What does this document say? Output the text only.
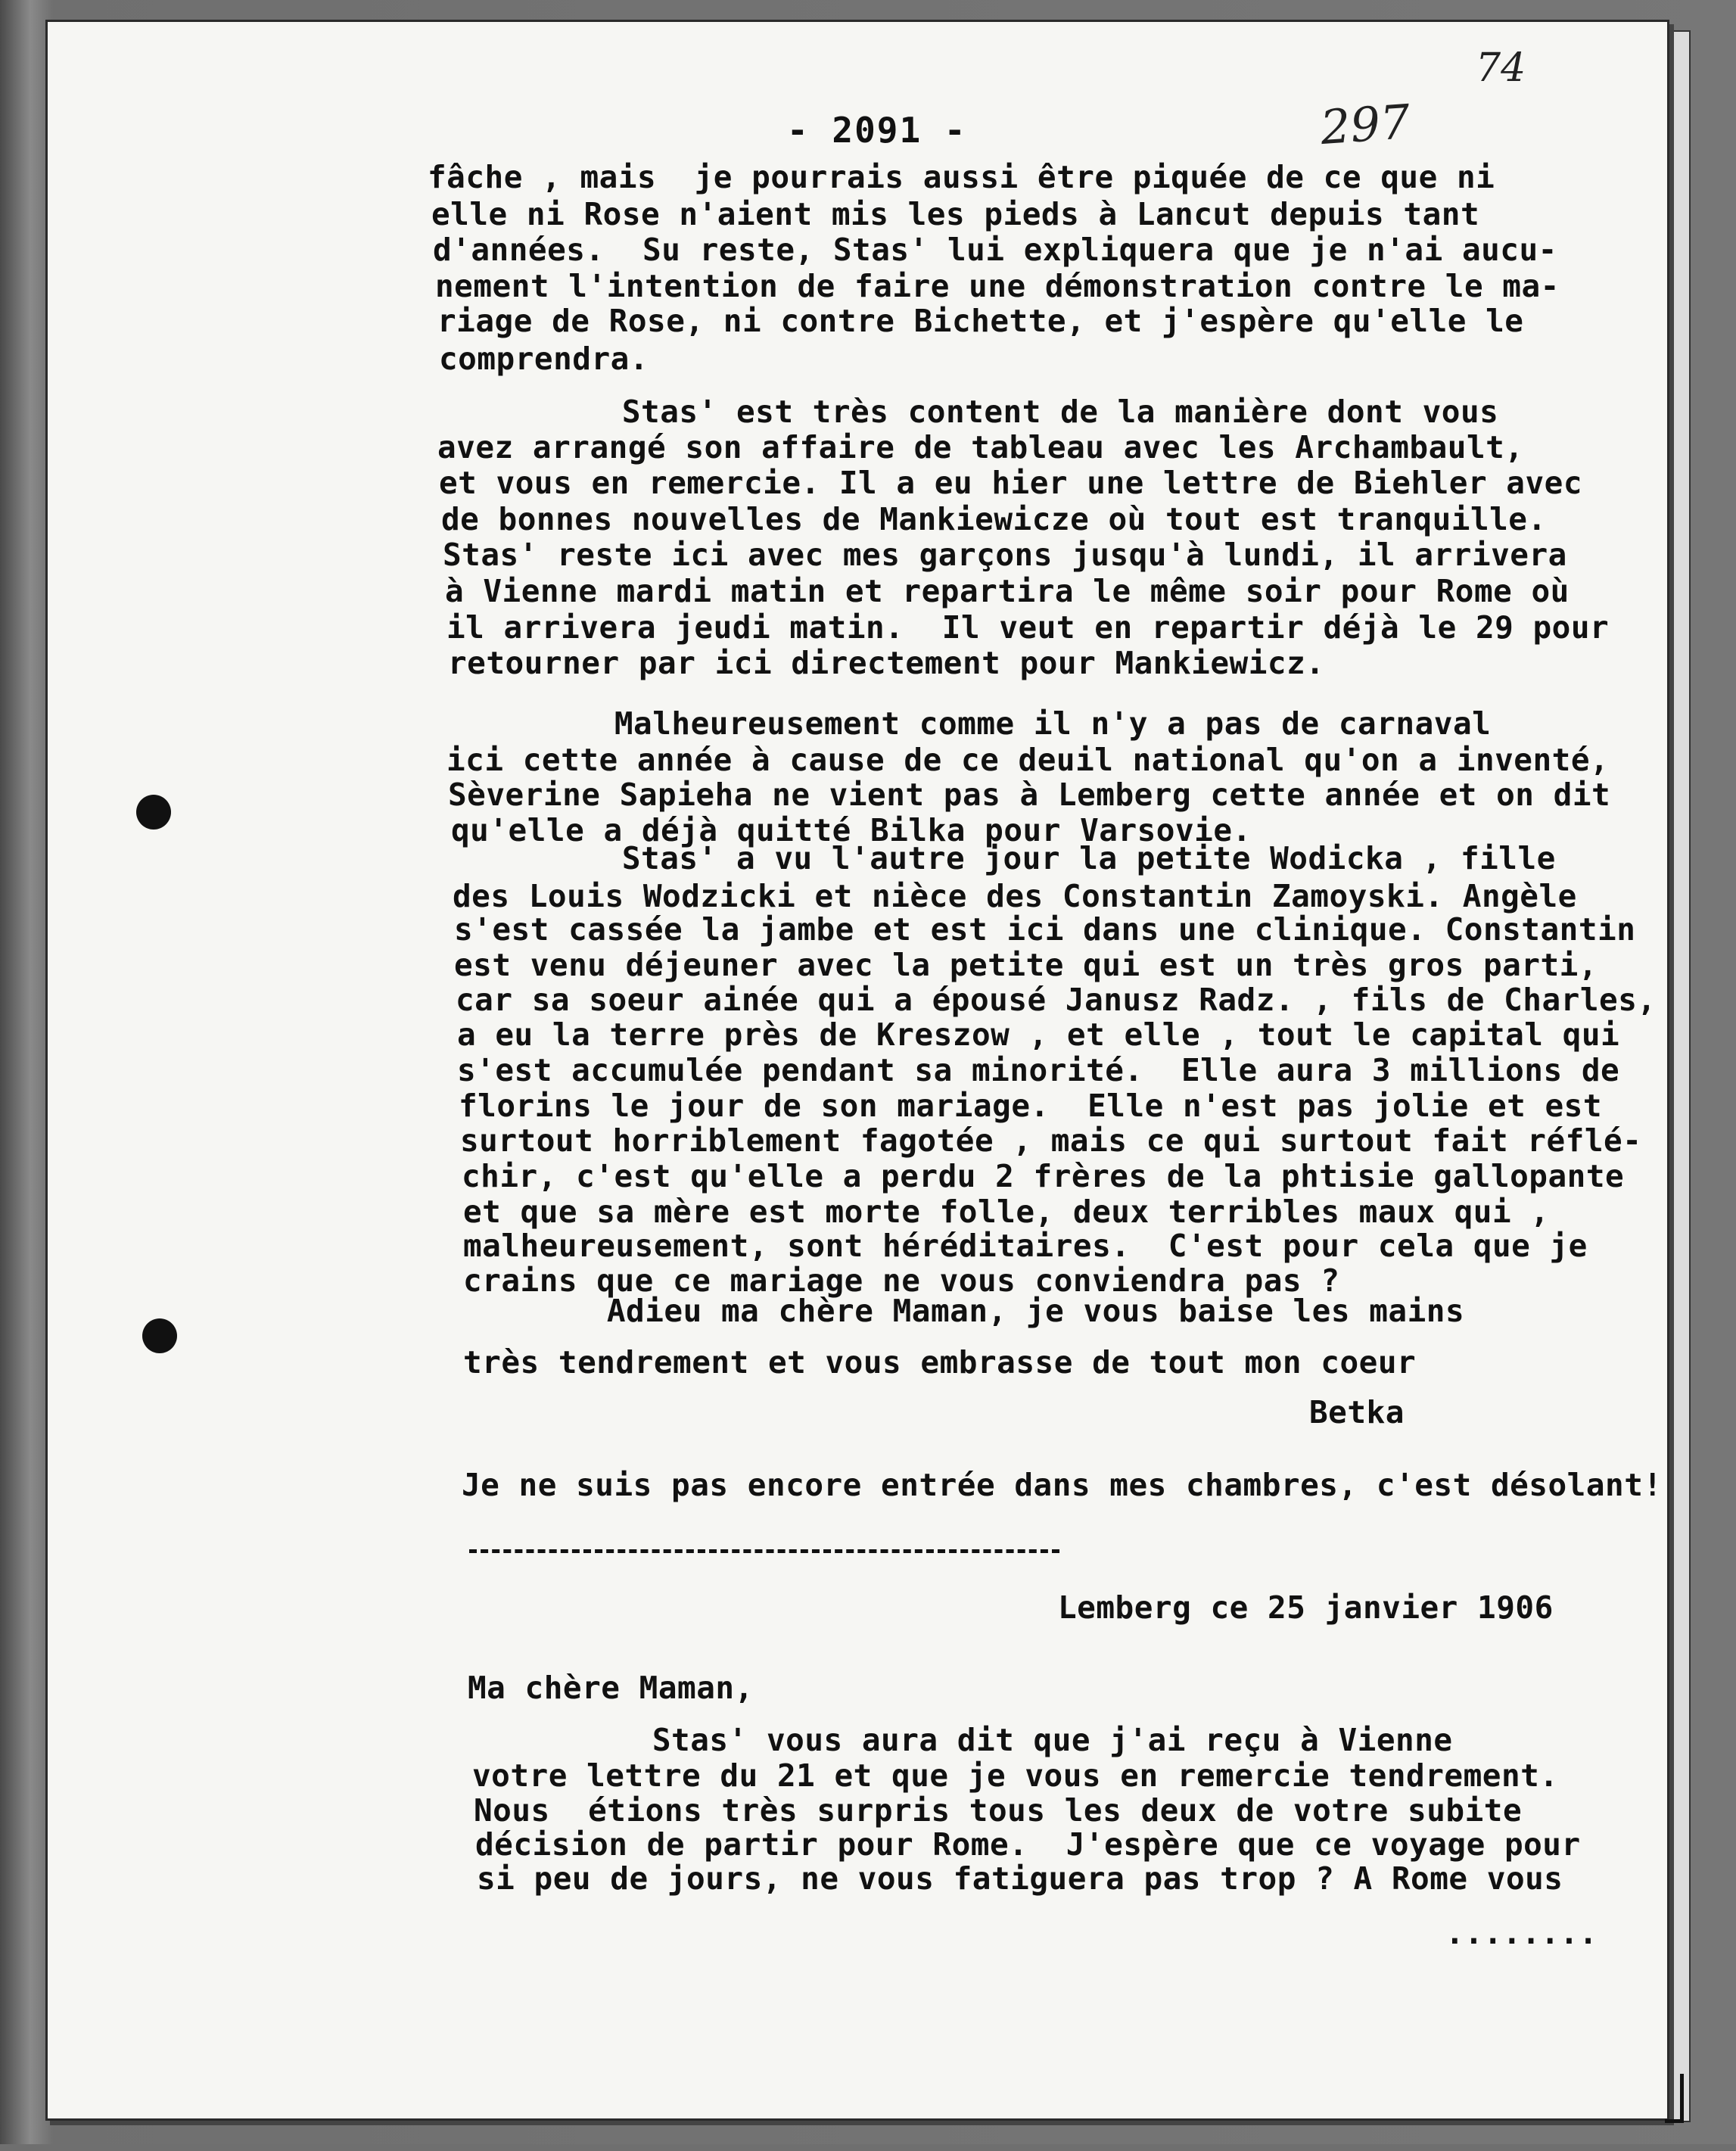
74
- 2091 -	297

fâche , mais  je pourrais aussi être piquée de ce que ni

elle ni Rose n'aient mis les pieds à Lancut depuis tant

d'années.  Su reste, Stas' lui expliquera que je n'ai aucu-

nement l'intention de faire une démonstration contre le ma-

riage de Rose, ni contre Bichette, et j'espère qu'elle le

comprendra.

Stas' est très content de la manière dont vous

avez arrangé son affaire de tableau avec les Archambault,

et vous en remercie. Il a eu hier une lettre de Biehler avec

de bonnes nouvelles de Mankiewicze où tout est tranquille.

Stas' reste ici avec mes garçons jusqu'à lundi, il arrivera

à Vienne mardi matin et repartira le même soir pour Rome où

il arrivera jeudi matin.  Il veut en repartir déjà le 29 pour

retourner par ici directement pour Mankiewicz.

Malheureusement comme il n'y a pas de carnaval

ici cette année à cause de ce deuil national qu'on a inventé,

Sèverine Sapieha ne vient pas à Lemberg cette année et on dit

qu'elle a déjà quitté Bilka pour Varsovie.

Stas' a vu l'autre jour la petite Wodicka , fille

des Louis Wodzicki et nièce des Constantin Zamoyski. Angèle

s'est cassée la jambe et est ici dans une clinique. Constantin

est venu déjeuner avec la petite qui est un très gros parti,

car sa soeur ainée qui a épousé Janusz Radz. , fils de Charles,

a eu la terre près de Kreszow , et elle , tout le capital qui

s'est accumulée pendant sa minorité.  Elle aura 3 millions de

florins le jour de son mariage.  Elle n'est pas jolie et est

surtout horriblement fagotée , mais ce qui surtout fait réflé-

chir, c'est qu'elle a perdu 2 frères de la phtisie gallopante

et que sa mère est morte folle, deux terribles maux qui ,

malheureusement, sont héréditaires.  C'est pour cela que je

crains que ce mariage ne vous conviendra pas ?

Adieu ma chère Maman, je vous baise les mains

très tendrement et vous embrasse de tout mon coeur

Betka

Je ne suis pas encore entrée dans mes chambres, c'est désolant!

Lemberg ce 25 janvier 1906

Ma chère Maman,

Stas' vous aura dit que j'ai reçu à Vienne

votre lettre du 21 et que je vous en remercie tendrement.

Nous  étions très surpris tous les deux de votre subite

décision de partir pour Rome.  J'espère que ce voyage pour

si peu de jours, ne vous fatiguera pas trop ? A Rome vous

........
